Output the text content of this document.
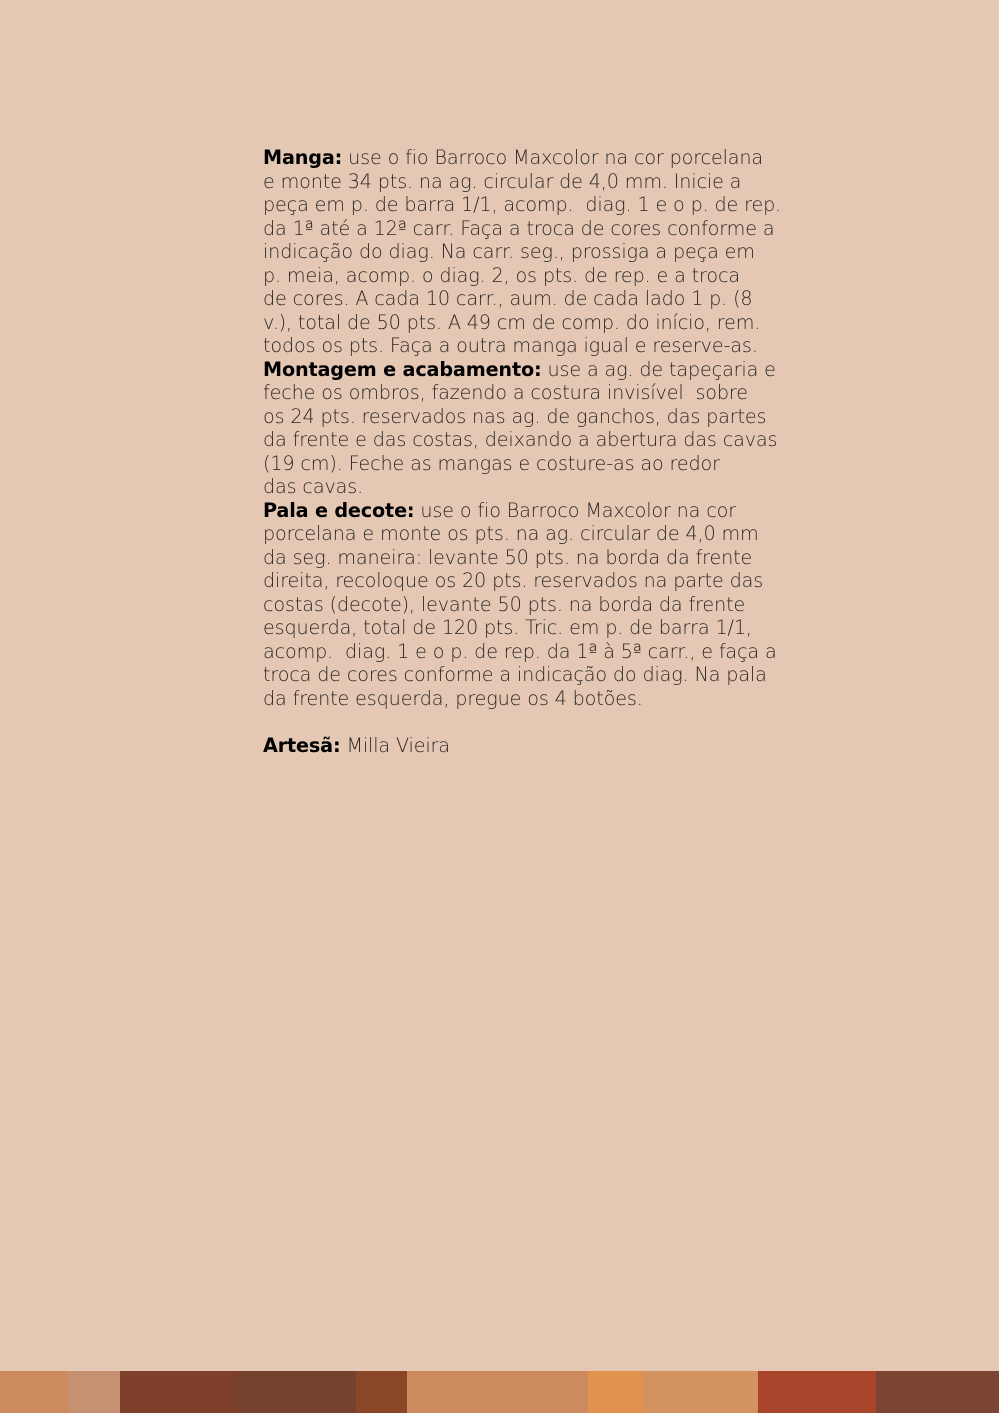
Manga: use o fio Barroco Maxcolor na cor porcelana
e monte 34 pts. na ag. circular de 4,0 mm. Inicie a
peça em p. de barra 1/1, acomp.  diag. 1 e o p. de rep.
da 1ª até a 12ª carr. Faça a troca de cores conforme a
indicação do diag. Na carr. seg., prossiga a peça em
p. meia, acomp. o diag. 2, os pts. de rep. e a troca
de cores. A cada 10 carr., aum. de cada lado 1 p. (8
v.), total de 50 pts. A 49 cm de comp. do início, rem.
todos os pts. Faça a outra manga igual e reserve-as.
Montagem e acabamento: use a ag. de tapeçaria e
feche os ombros, fazendo a costura invisível  sobre
os 24 pts. reservados nas ag. de ganchos, das partes
da frente e das costas, deixando a abertura das cavas
(19 cm). Feche as mangas e costure-as ao redor
das cavas.
Pala e decote: use o fio Barroco Maxcolor na cor
porcelana e monte os pts. na ag. circular de 4,0 mm
da seg. maneira: levante 50 pts. na borda da frente
direita, recoloque os 20 pts. reservados na parte das
costas (decote), levante 50 pts. na borda da frente
esquerda, total de 120 pts. Tric. em p. de barra 1/1,
acomp.  diag. 1 e o p. de rep. da 1ª à 5ª carr., e faça a
troca de cores conforme a indicação do diag. Na pala
da frente esquerda, pregue os 4 botões.
Artesã: Milla Vieira
